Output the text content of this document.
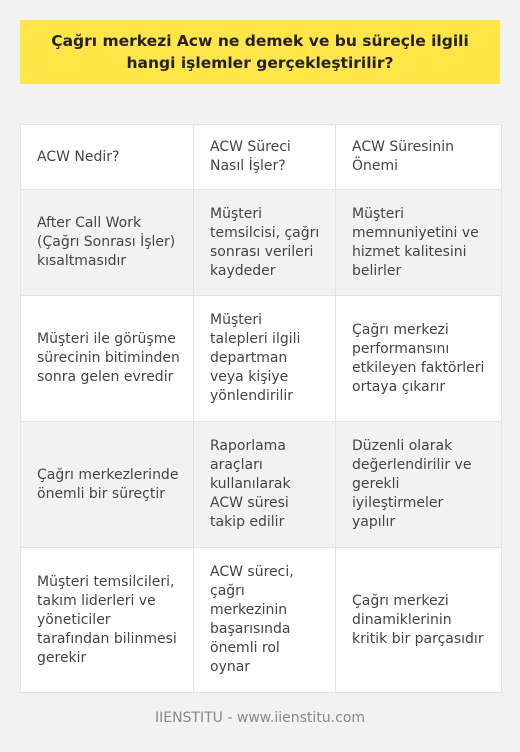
Çağrı merkezi Acw ne demek ve bu süreçle ilgili hangi işlemler gerçekleştirilir?
ACW Nedir?
ACW Süreci Nasıl İşler?
ACW Süresinin Önemi
After Call Work (Çağrı Sonrası İşler) kısaltmasıdır
Müşteri temsilcisi, çağrı sonrası verileri kaydeder
Müşteri memnuniyetini ve hizmet kalitesini belirler
Müşteri ile görüşme sürecinin bitiminden sonra gelen evredir
Müşteri talepleri ilgili departman veya kişiye yönlendirilir
Çağrı merkezi performansını etkileyen faktörleri ortaya çıkarır
Çağrı merkezlerinde önemli bir süreçtir
Raporlama araçları kullanılarak ACW süresi takip edilir
Düzenli olarak değerlendirilir ve gerekli iyileştirmeler yapılır
Müşteri temsilcileri, takım liderleri ve yöneticiler tarafından bilinmesi gerekir
ACW süreci, çağrı merkezinin başarısında önemli rol oynar
Çağrı merkezi dinamiklerinin kritik bir parçasıdır
IIENSTITU - www.iienstitu.com
